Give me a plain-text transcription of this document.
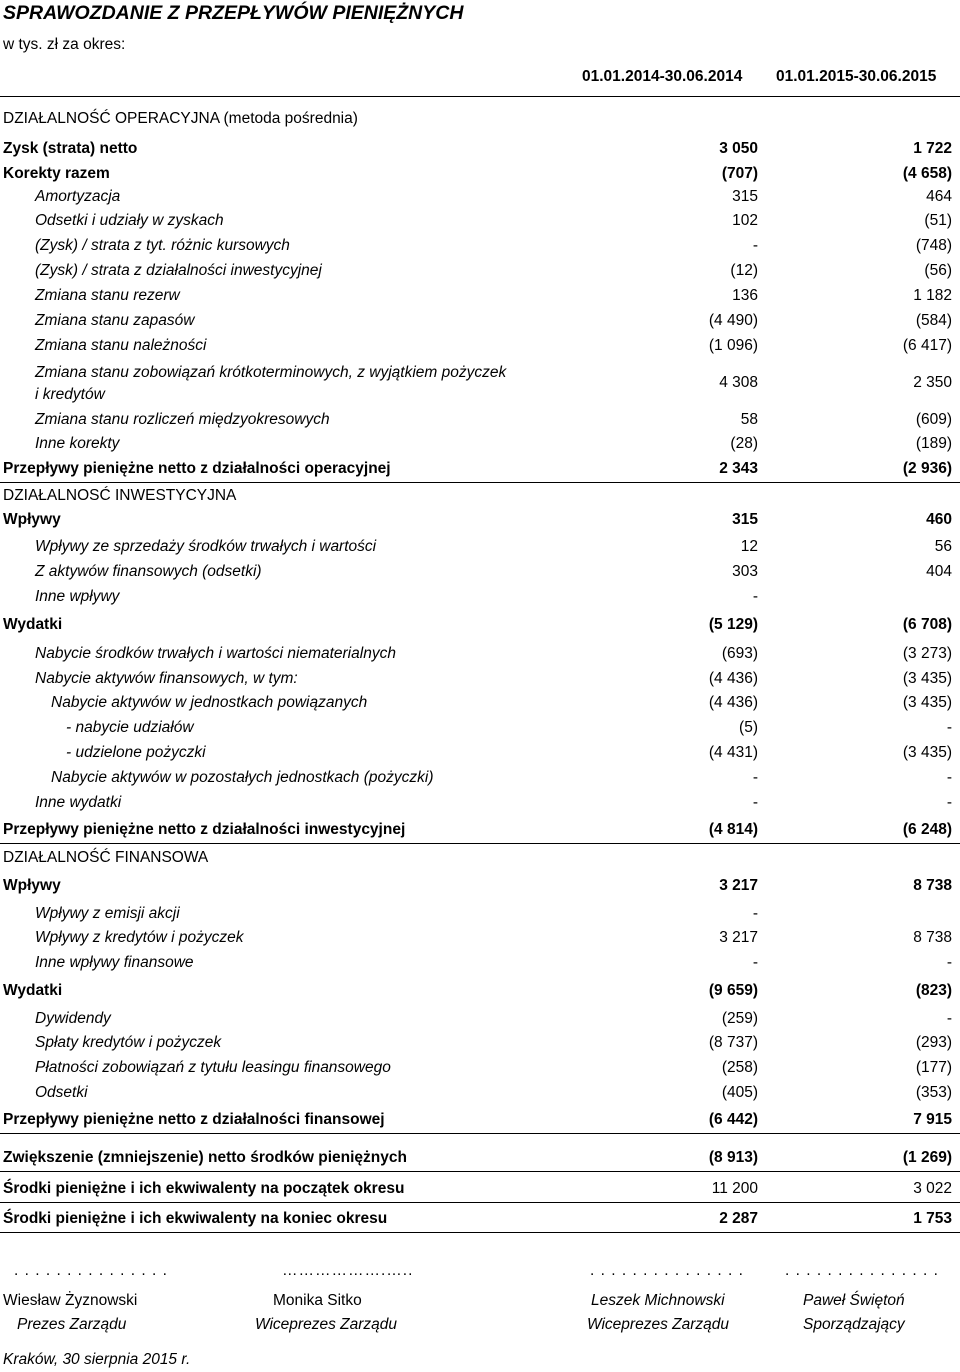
SPRAWOZDANIE Z PRZEPŁYWÓW PIENIĘŻNYCH
w tys. zł za okres:
01.01.2014-30.06.2014 01.01.2015-30.06.2015
DZIAŁALNOŚĆ OPERACYJNA (metoda pośrednia)
Zysk (strata) netto	3 050	1 722
Korekty razem	(707)	(4 658)
Amortyzacja	315	464
Odsetki i udziały w zyskach	102	(51)
(Zysk) / strata z tyt. różnic kursowych	-	(748)
(Zysk) / strata z działalności inwestycyjnej	(12)	(56)
Zmiana stanu rezerw	136	1 182
Zmiana stanu zapasów	(4 490)	(584)
Zmiana stanu należności	(1 096)	(6 417)
Zmiana stanu zobowiązań krótkoterminowych, z wyjątkiem pożyczek
i kredytów
4 308	2 350
Zmiana stanu rozliczeń międzyokresowych	58	(609)
Inne korekty	(28)	(189)
Przepływy pieniężne netto z działalności operacyjnej	2 343	(2 936)
DZIAŁALNOSĆ INWESTYCYJNA
Wpływy	315	460
Wpływy ze sprzedaży środków trwałych i wartości	12	56
Z aktywów finansowych (odsetki)	303	404
Inne wpływy	-
Wydatki	(5 129)	(6 708)
Nabycie środków trwałych i wartości niematerialnych	(693)	(3 273)
Nabycie aktywów finansowych, w tym:	(4 436)	(3 435)
Nabycie aktywów w jednostkach powiązanych	(4 436)	(3 435)
- nabycie udziałów	(5)	-
- udzielone pożyczki	(4 431)	(3 435)
Nabycie aktywów w pozostałych jednostkach (pożyczki)	-	-
Inne wydatki	-	-
Przepływy pieniężne netto z działalności inwestycyjnej	(4 814)	(6 248)
DZIAŁALNOŚĆ FINANSOWA
Wpływy	3 217	8 738
Wpływy z emisji akcji	-
Wpływy z kredytów i pożyczek	3 217	8 738
Inne wpływy finansowe	-	-
Wydatki	(9 659)	(823)
Dywidendy	(259)	-
Spłaty kredytów i pożyczek	(8 737)	(293)
Płatności zobowiązań z tytułu leasingu finansowego	(258)	(177)
Odsetki	(405)	(353)
Przepływy pieniężne netto z działalności finansowej	(6 442)	7 915
Zwiększenie (zmniejszenie) netto środków pieniężnych	(8 913)	(1 269)
Środki pieniężne i ich ekwiwalenty na początek okresu	11 200	3 022
Środki pieniężne i ich ekwiwalenty na koniec okresu	2 287	1 753
. . . . . . . . . . . . . . .	……………….…..	. . . . . . . . . . . . . . .	. . . . . . . . . . . . . . .
Wiesław Żyznowski	Monika Sitko	Leszek Michnowski	Paweł Świętoń
Prezes Zarządu	Wiceprezes Zarządu	Wiceprezes Zarządu	Sporządzający
Kraków, 30 sierpnia 2015 r.
